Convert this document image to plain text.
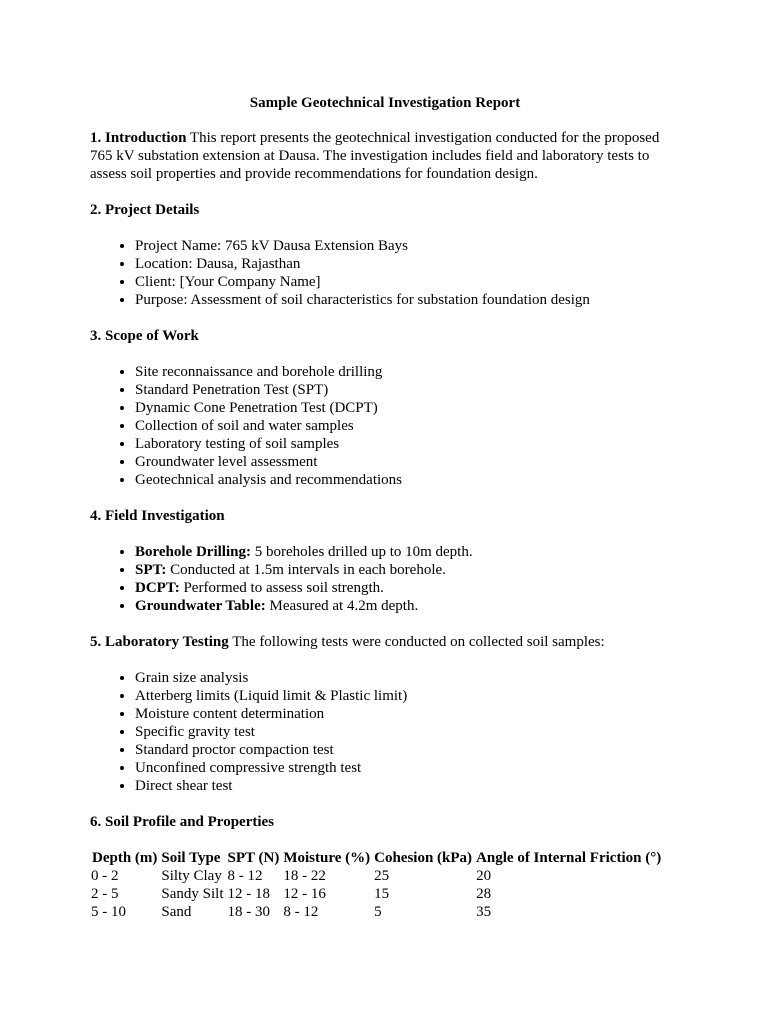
Sample Geotechnical Investigation Report

1. Introduction This report presents the geotechnical investigation conducted for the proposed 765 kV substation extension at Dausa. The investigation includes field and laboratory tests to assess soil properties and provide recommendations for foundation design.

2. Project Details
• Project Name: 765 kV Dausa Extension Bays
• Location: Dausa, Rajasthan
• Client: [Your Company Name]
• Purpose: Assessment of soil characteristics for substation foundation design
3. Scope of Work
• Site reconnaissance and borehole drilling
• Standard Penetration Test (SPT)
• Dynamic Cone Penetration Test (DCPT)
• Collection of soil and water samples
• Laboratory testing of soil samples
• Groundwater level assessment
• Geotechnical analysis and recommendations
4. Field Investigation
• Borehole Drilling: 5 boreholes drilled up to 10m depth.
• SPT: Conducted at 1.5m intervals in each borehole.
• DCPT: Performed to assess soil strength.
• Groundwater Table: Measured at 4.2m depth.

5. Laboratory Testing The following tests were conducted on collected soil samples:

• Grain size analysis
• Atterberg limits (Liquid limit & Plastic limit)
• Moisture content determination
• Specific gravity test
• Standard proctor compaction test
• Unconfined compressive strength test
• Direct shear test
6. Soil Profile and Properties
Depth (m)	Soil Type	SPT (N)	Moisture (%)	Cohesion (kPa)	Angle of Internal Friction (°)
0 - 2	Silty Clay	8 - 12	18 - 22	25	20
2 - 5	Sandy Silt	12 - 18	12 - 16	15	28
5 - 10	Sand	18 - 30	8 - 12	5	35
